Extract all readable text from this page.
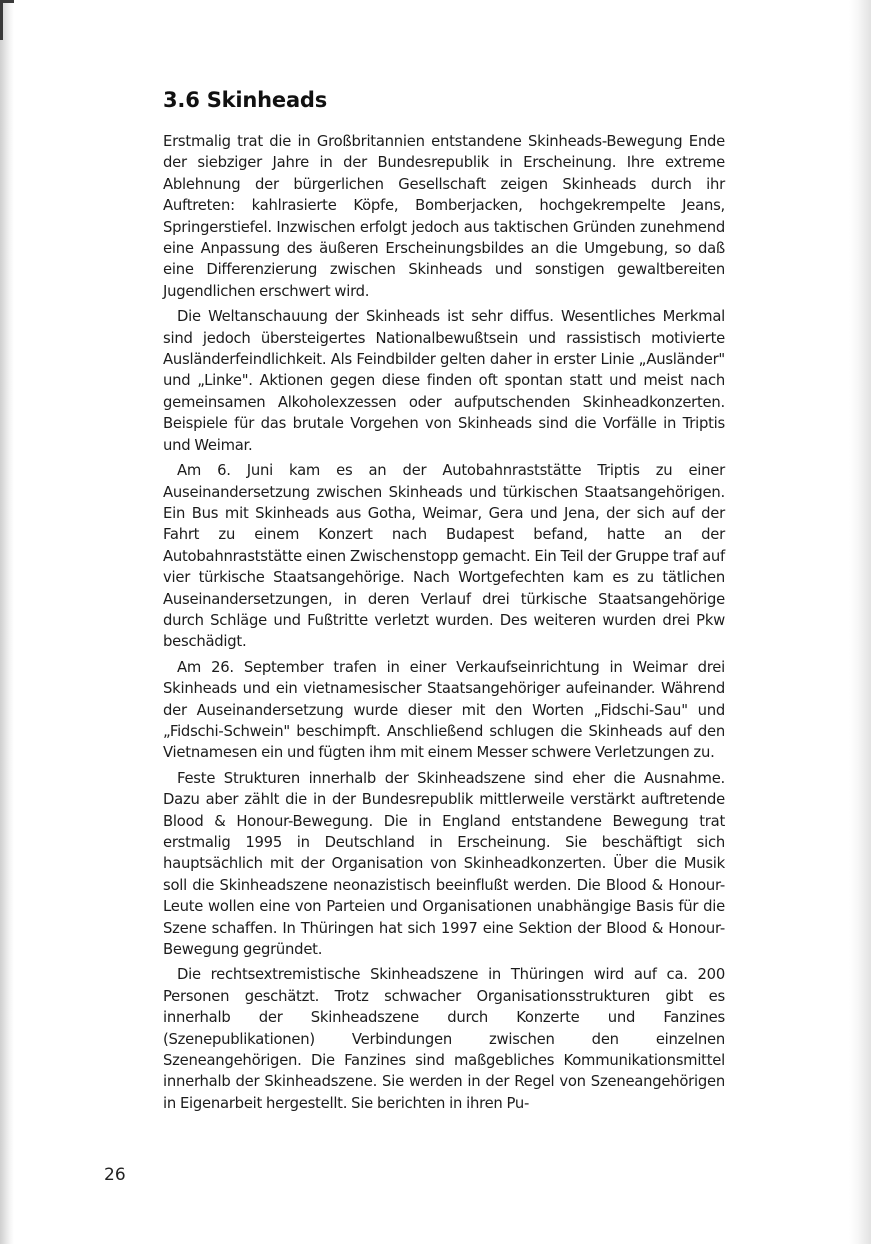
3.6 Skinheads

Erstmalig trat die in Großbritannien entstandene Skinheads-Bewegung Ende der siebziger Jahre in der Bundesrepublik in Erscheinung. Ihre extreme Ablehnung der bürgerlichen Gesellschaft zeigen Skinheads durch ihr Auftreten: kahlrasierte Köpfe, Bomberjacken, hochgekrempelte Jeans, Springerstiefel. Inzwischen erfolgt jedoch aus taktischen Gründen zunehmend eine Anpassung des äußeren Erscheinungsbildes an die Umgebung, so daß eine Differenzierung zwischen Skinheads und sonstigen gewaltbereiten Jugendlichen erschwert wird.

Die Weltanschauung der Skinheads ist sehr diffus. Wesentliches Merkmal sind jedoch übersteigertes Nationalbewußtsein und rassistisch motivierte Ausländerfeindlichkeit. Als Feindbilder gelten daher in erster Linie „Ausländer" und „Linke". Aktionen gegen diese finden oft spontan statt und meist nach gemeinsamen Alkoholexzessen oder aufputschenden Skinheadkonzerten. Beispiele für das brutale Vorgehen von Skinheads sind die Vorfälle in Triptis und Weimar.

Am 6. Juni kam es an der Autobahnraststätte Triptis zu einer Auseinandersetzung zwischen Skinheads und türkischen Staatsangehörigen. Ein Bus mit Skinheads aus Gotha, Weimar, Gera und Jena, der sich auf der Fahrt zu einem Konzert nach Budapest befand, hatte an der Autobahnraststätte einen Zwischenstopp gemacht. Ein Teil der Gruppe traf auf vier türkische Staatsangehörige. Nach Wortgefechten kam es zu tätlichen Auseinandersetzungen, in deren Verlauf drei türkische Staatsangehörige durch Schläge und Fußtritte verletzt wurden. Des weiteren wurden drei Pkw beschädigt.

Am 26. September trafen in einer Verkaufseinrichtung in Weimar drei Skinheads und ein vietnamesischer Staatsangehöriger aufeinander. Während der Auseinandersetzung wurde dieser mit den Worten „Fidschi-Sau" und „Fidschi-Schwein" beschimpft. Anschließend schlugen die Skinheads auf den Vietnamesen ein und fügten ihm mit einem Messer schwere Verletzungen zu.

Feste Strukturen innerhalb der Skinheadszene sind eher die Ausnahme. Dazu aber zählt die in der Bundesrepublik mittlerweile verstärkt auftretende Blood & Honour-Bewegung. Die in England entstandene Bewegung trat erstmalig 1995 in Deutschland in Erscheinung. Sie beschäftigt sich hauptsächlich mit der Organisation von Skinheadkonzerten. Über die Musik soll die Skinheadszene neonazistisch beeinflußt werden. Die Blood & Honour-Leute wollen eine von Parteien und Organisationen unabhängige Basis für die Szene schaffen. In Thüringen hat sich 1997 eine Sektion der Blood & Honour-Bewegung gegründet.

Die rechtsextremistische Skinheadszene in Thüringen wird auf ca. 200 Personen geschätzt. Trotz schwacher Organisationsstrukturen gibt es innerhalb der Skinheadszene durch Konzerte und Fanzines (Szenepublikationen) Verbindungen zwischen den einzelnen Szeneangehörigen. Die Fanzines sind maßgebliches Kommunikationsmittel innerhalb der Skinheadszene. Sie werden in der Regel von Szeneangehörigen in Eigenarbeit hergestellt. Sie berichten in ihren Pu-

26
